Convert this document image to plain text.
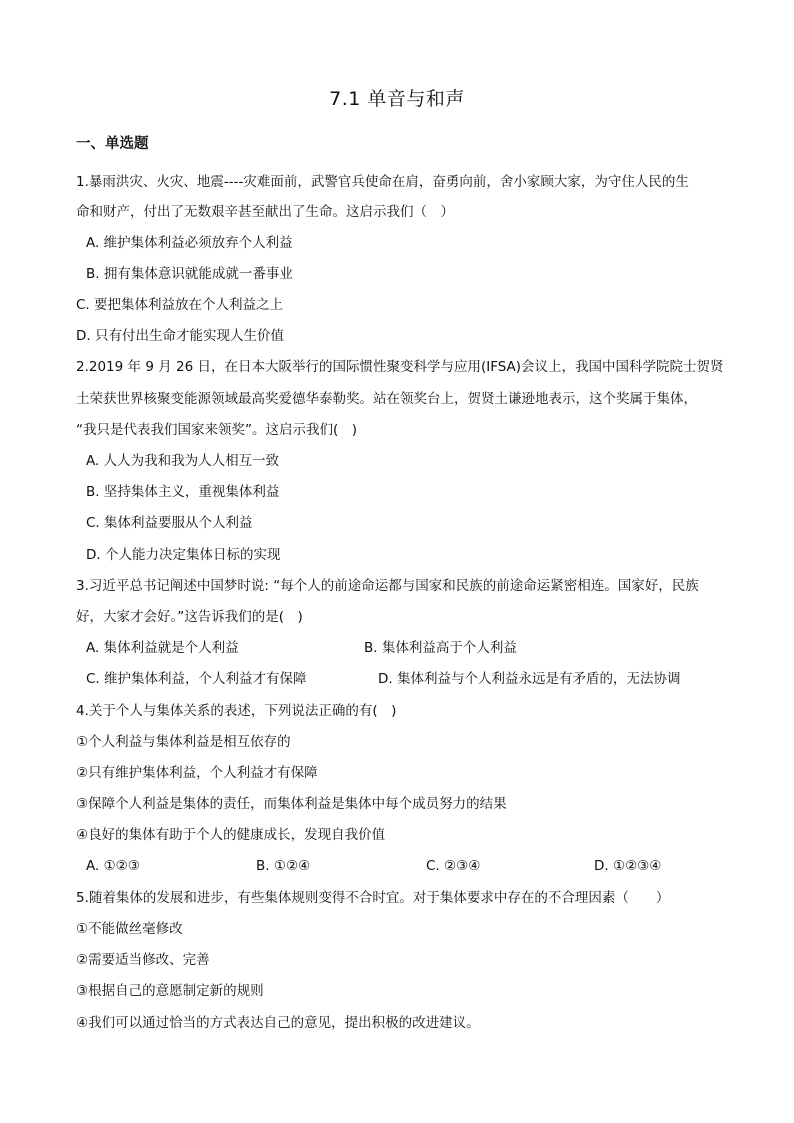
7.1 单音与和声
一、单选题
1.暴雨洪灾、火灾、地震----灾难面前，武警官兵使命在肩，奋勇向前，舍小家顾大家，为守住人民的生
命和财产，付出了无数艰辛甚至献出了生命。这启示我们（　）
A. 维护集体利益必须放弃个人利益
B. 拥有集体意识就能成就一番事业
C. 要把集体利益放在个人利益之上
D. 只有付出生命才能实现人生价值
2.2019 年 9 月 26 日，在日本大阪举行的国际惯性聚变科学与应用(IFSA)会议上，我国中国科学院院士贺贤
土荣获世界核聚变能源领域最高奖爱德华泰勒奖。站在领奖台上，贺贤土谦逊地表示，这个奖属于集体，
“我只是代表我们国家来领奖”。这启示我们(　)
A. 人人为我和我为人人相互一致
B. 坚持集体主义，重视集体利益
C. 集体利益要服从个人利益
D. 个人能力决定集体日标的实现
3.习近平总书记阐述中国梦时说: “每个人的前途命运都与国家和民族的前途命运紧密相连。国家好，民族
好，大家才会好。”这告诉我们的是(　)
A. 集体利益就是个人利益	B. 集体利益高于个人利益
C. 维护集体利益，个人利益才有保障	D. 集体利益与个人利益永远是有矛盾的，无法协调
4.关于个人与集体关系的表述，下列说法正确的有(　)
①个人利益与集体利益是相互依存的
②只有维护集体利益，个人利益才有保障
③保障个人利益是集体的责任，而集体利益是集体中每个成员努力的结果
④良好的集体有助于个人的健康成长，发现自我价值
A. ①②③	B. ①②④	C. ②③④	D. ①②③④
5.随着集体的发展和进步，有些集体规则变得不合时宜。对于集体要求中存在的不合理因素（　　）
①不能做丝毫修改
②需要适当修改、完善
③根据自己的意愿制定新的规则
④我们可以通过恰当的方式表达自己的意见，提出积极的改进建议。
